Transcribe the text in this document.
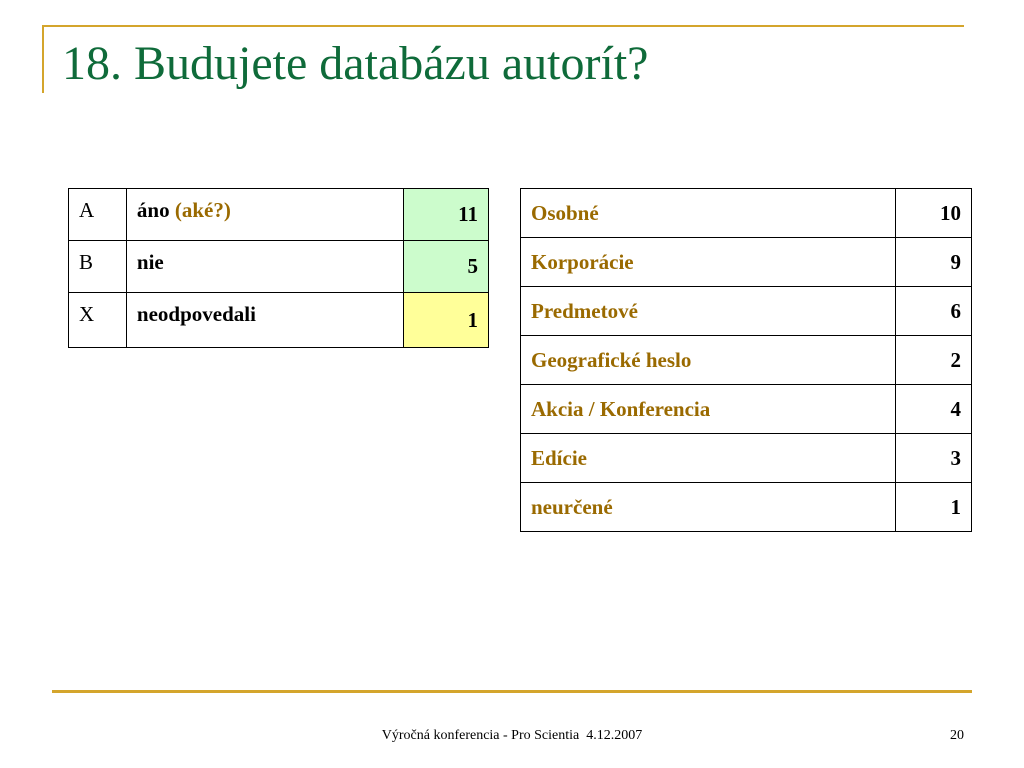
18. Budujete databázu autorít?
A	áno (aké?)	11
B	nie	5
X	neodpovedali	1
Osobné	10
Korporácie	9
Predmetové	6
Geografické heslo	2
Akcia / Konferencia	4
Edície	3
neurčené	1
Výročná konferencia - Pro Scientia  4.12.2007	20
